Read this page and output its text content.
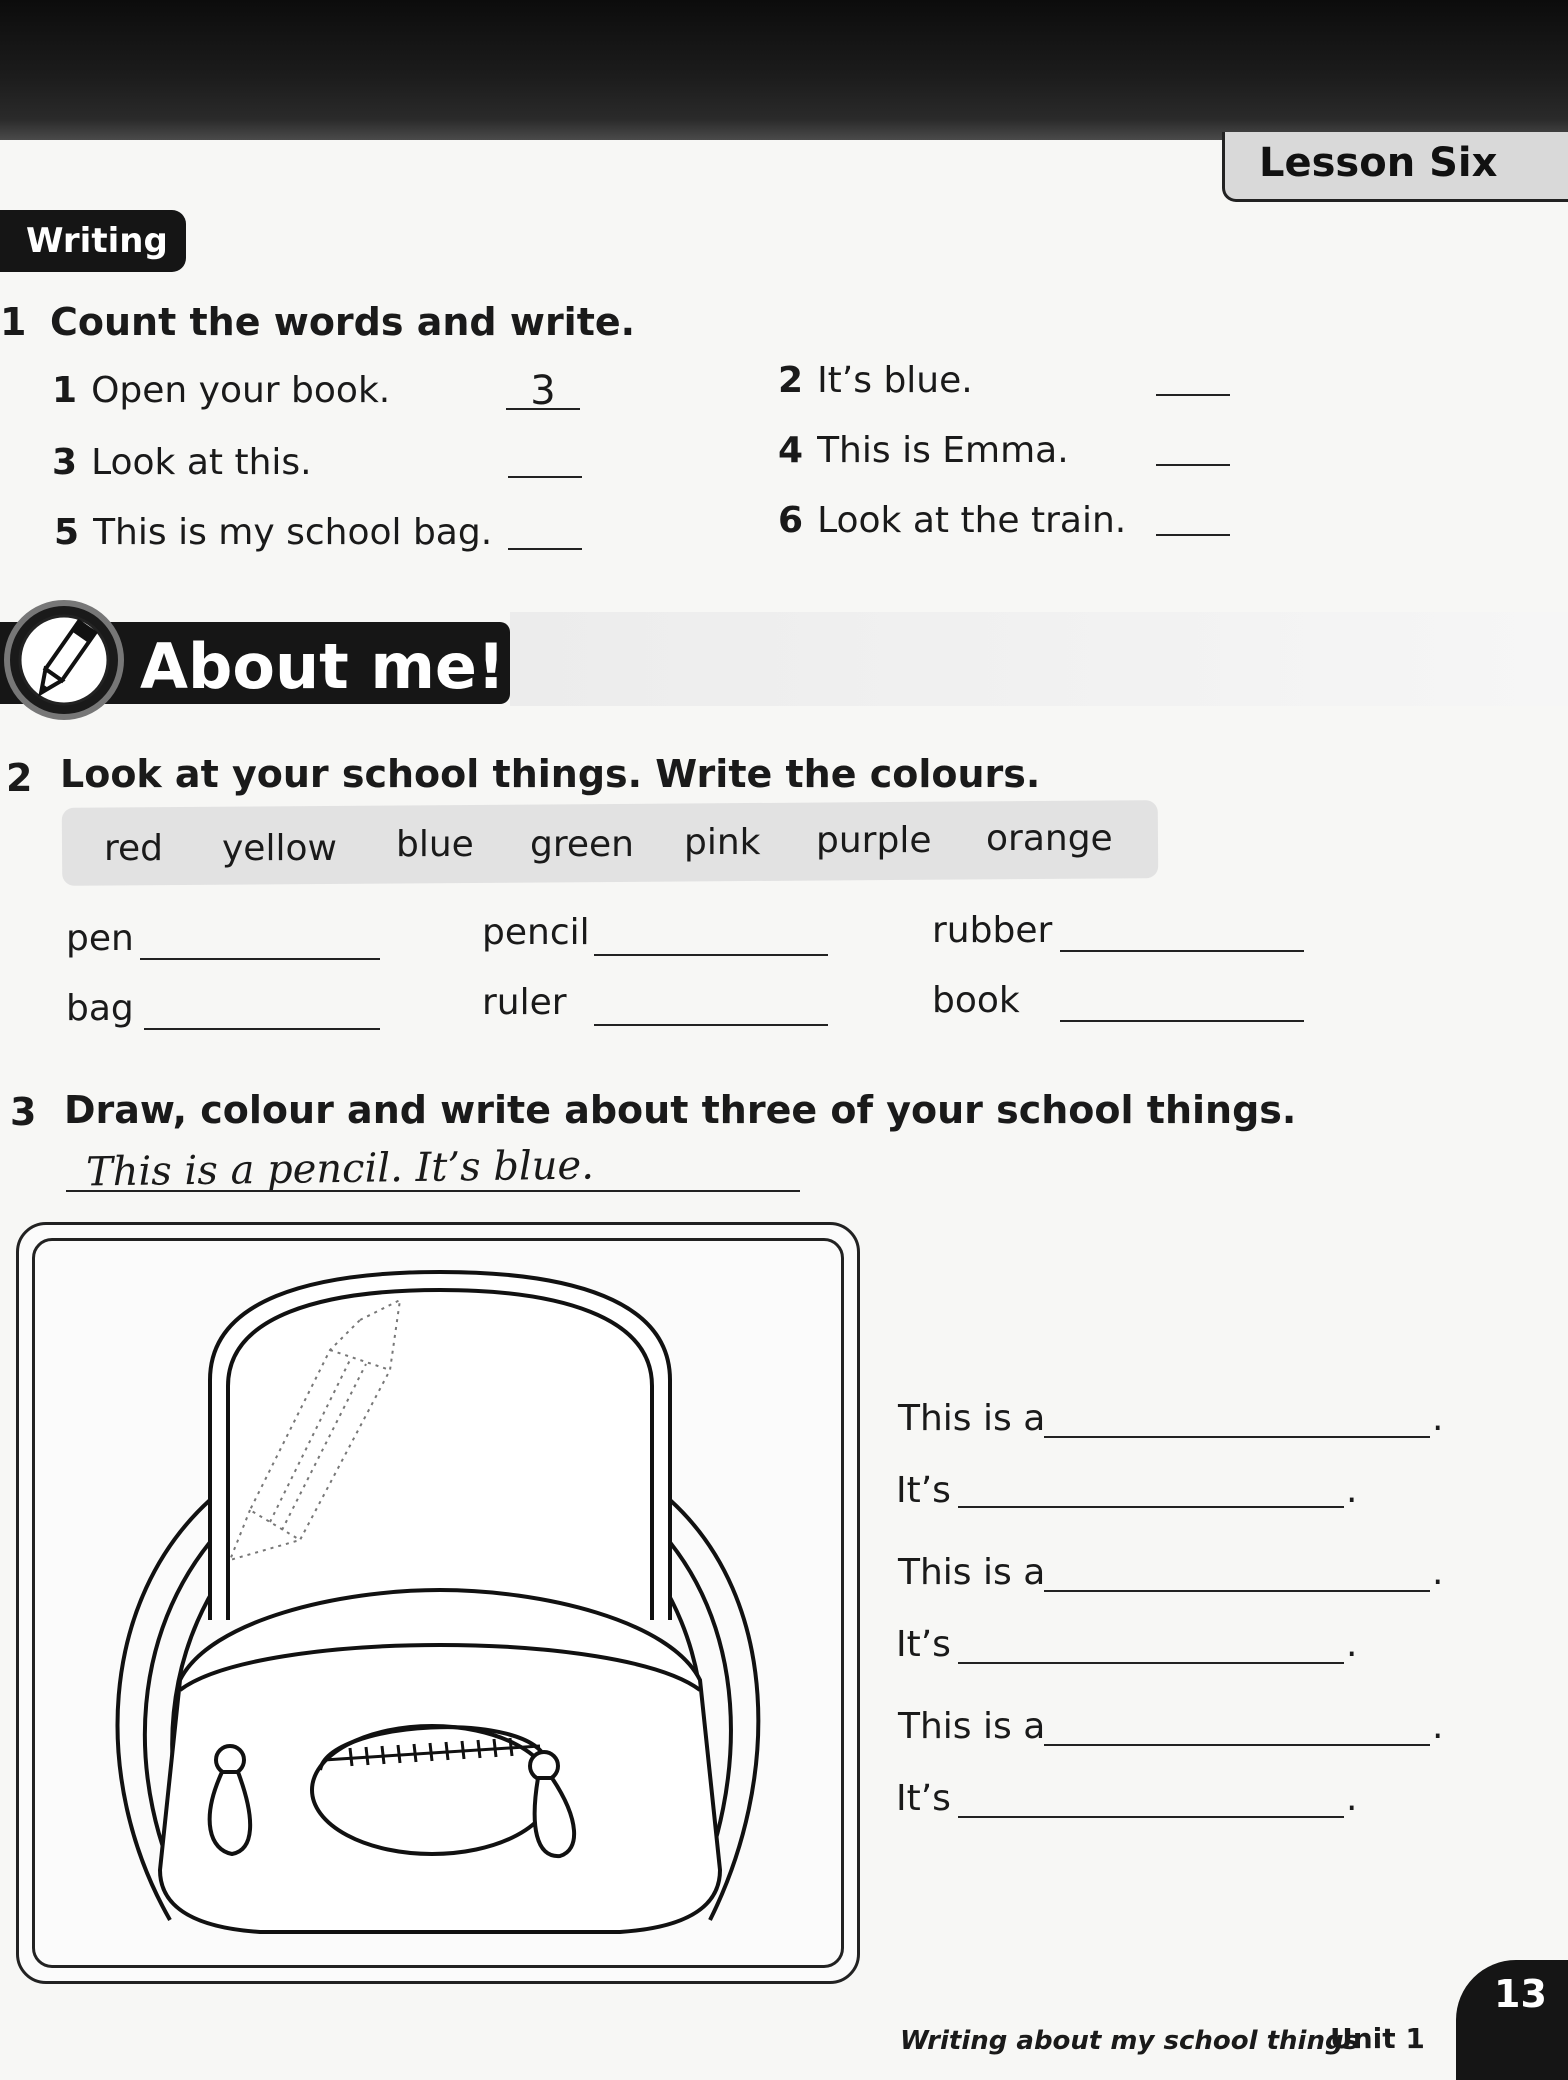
Lesson Six
Writing
1 Count the words and write.
1 Open your book.	3	2 It’s blue.
3 Look at this.	4 This is Emma.
5 This is my school bag.	6 Look at the train.
About me!
2 Look at your school things. Write the colours.
red yellow blue green pink purple orange
pen	pencil	rubber
bag	ruler	book
3 Draw, colour and write about three of your school things.
This is a pencil. It’s blue.
This is a	.
It’s	.
This is a	.
It’s	.
This is a	.
It’s	.
Writing about my school things
Unit 1
13
